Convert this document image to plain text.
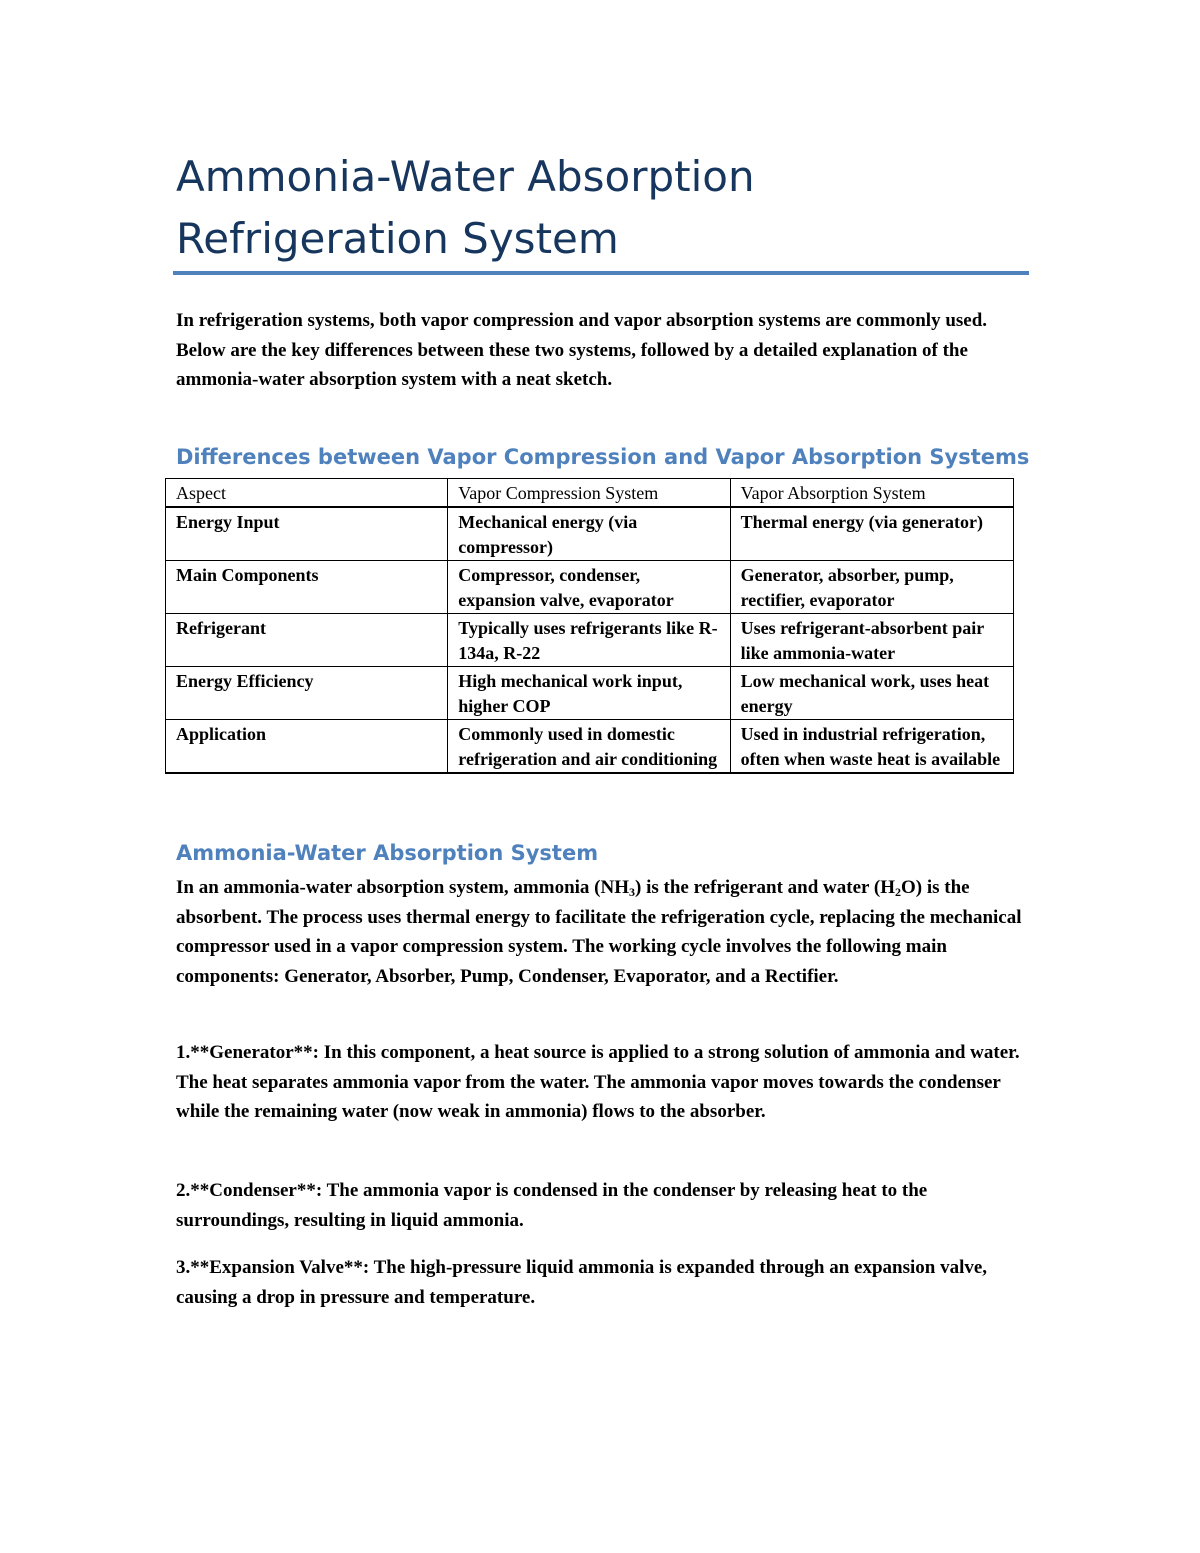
Ammonia-Water Absorption Refrigeration System

In refrigeration systems, both vapor compression and vapor absorption systems are commonly used. Below are the key differences between these two systems, followed by a detailed explanation of the ammonia-water absorption system with a neat sketch.

Differences between Vapor Compression and Vapor Absorption Systems
Aspect	Vapor Compression System	Vapor Absorption System
Energy Input	Mechanical energy (via compressor)	Thermal energy (via generator)
Main Components	Compressor, condenser, expansion valve, evaporator	Generator, absorber, pump, rectifier, evaporator
Refrigerant	Typically uses refrigerants like R-134a, R-22	Uses refrigerant-absorbent pair like ammonia-water
Energy Efficiency	High mechanical work input, higher COP	Low mechanical work, uses heat energy
Application	Commonly used in domestic refrigeration and air conditioning	Used in industrial refrigeration, often when waste heat is available
Ammonia-Water Absorption System

In an ammonia-water absorption system, ammonia $(NH_3)$ is the refrigerant and water $(H_2O)$ is the absorbent. The process uses thermal energy to facilitate the refrigeration cycle, replacing the mechanical compressor used in a vapor compression system. The working cycle involves the following main components: Generator, Absorber, Pump, Condenser, Evaporator, and a Rectifier.

1.**Generator**: In this component, a heat source is applied to a strong solution of ammonia and water. The heat separates ammonia vapor from the water. The ammonia vapor moves towards the condenser while the remaining water (now weak in ammonia) flows to the absorber.

2.**Condenser**: The ammonia vapor is condensed in the condenser by releasing heat to the surroundings, resulting in liquid ammonia.

3.**Expansion Valve**: The high-pressure liquid ammonia is expanded through an expansion valve, causing a drop in pressure and temperature.
